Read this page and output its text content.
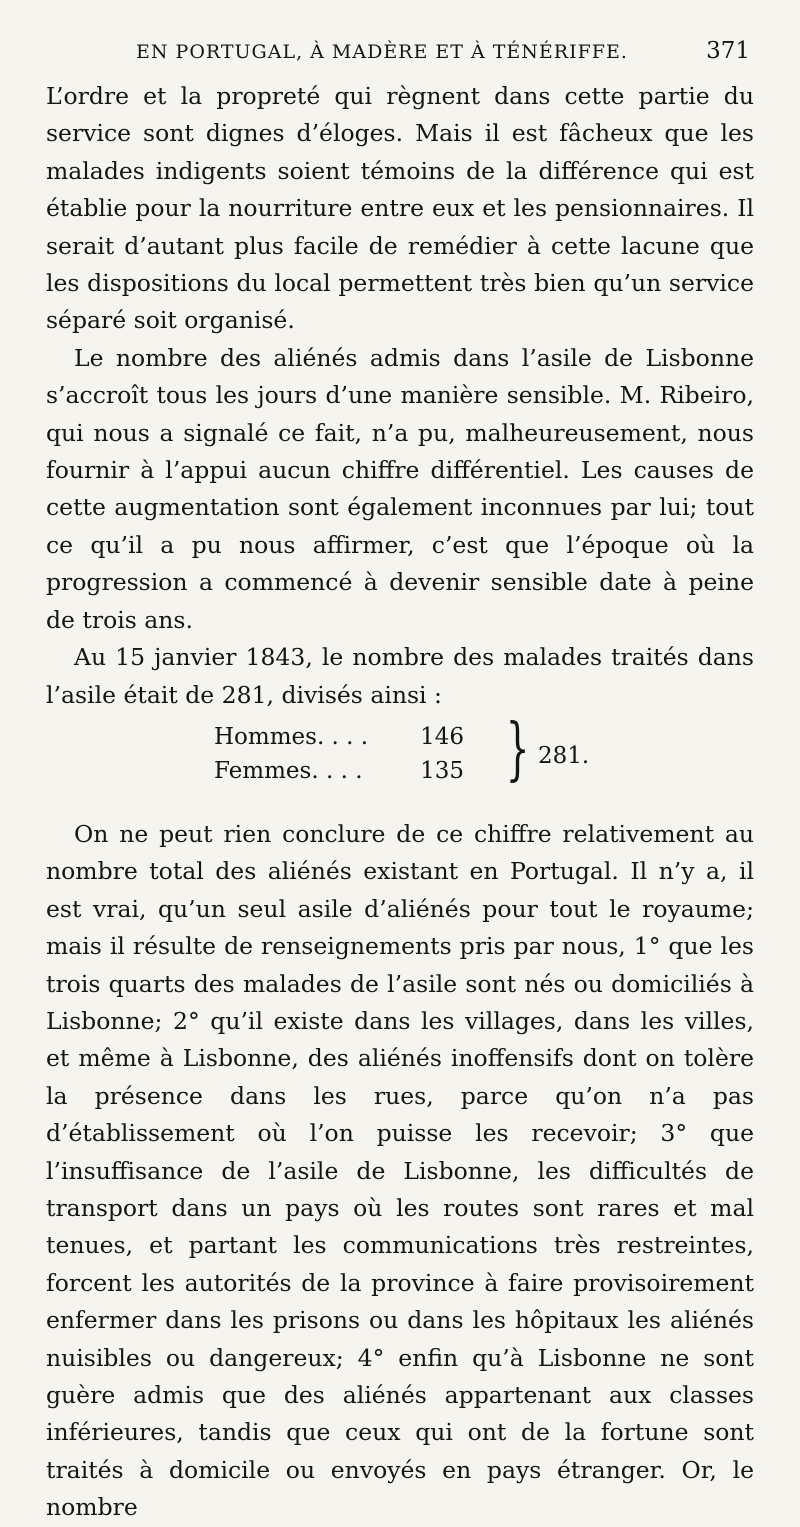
EN PORTUGAL, À MADÈRE ET À TÉNÉRIFFE.	371

L’ordre et la propreté qui règnent dans cette partie du service sont dignes d’éloges. Mais il est fâcheux que les malades indigents soient témoins de la différence qui est établie pour la nourriture entre eux et les pensionnaires. Il serait d’autant plus facile de remédier à cette lacune que les dispositions du local permettent très bien qu’un service séparé soit organisé.

Le nombre des aliénés admis dans l’asile de Lisbonne s’accroît tous les jours d’une manière sensible. M. Ribeiro, qui nous a signalé ce fait, n’a pu, malheureusement, nous fournir à l’appui aucun chiffre différentiel. Les causes de cette augmentation sont également inconnues par lui; tout ce qu’il a pu nous affirmer, c’est que l’époque où la progression a commencé à devenir sensible date à peine de trois ans.

Au 15 janvier 1843, le nombre des malades traités dans l’asile était de 281, divisés ainsi :

Hommes. . . .	146
Femmes. . . .	135 } 281.

On ne peut rien conclure de ce chiffre relativement au nombre total des aliénés existant en Portugal. Il n’y a, il est vrai, qu’un seul asile d’aliénés pour tout le royaume; mais il résulte de renseignements pris par nous, 1° que les trois quarts des malades de l’asile sont nés ou domiciliés à Lisbonne; 2° qu’il existe dans les villages, dans les villes, et même à Lisbonne, des aliénés inoffensifs dont on tolère la présence dans les rues, parce qu’on n’a pas d’établissement où l’on puisse les recevoir; 3° que l’insuffisance de l’asile de Lisbonne, les difficultés de transport dans un pays où les routes sont rares et mal tenues, et partant les communications très restreintes, forcent les autorités de la province à faire provisoirement enfermer dans les prisons ou dans les hôpitaux les aliénés nuisibles ou dangereux; 4° enfin qu’à Lisbonne ne sont guère admis que des aliénés appartenant aux classes inférieures, tandis que ceux qui ont de la fortune sont traités à domicile ou envoyés en pays étranger. Or, le nombre
